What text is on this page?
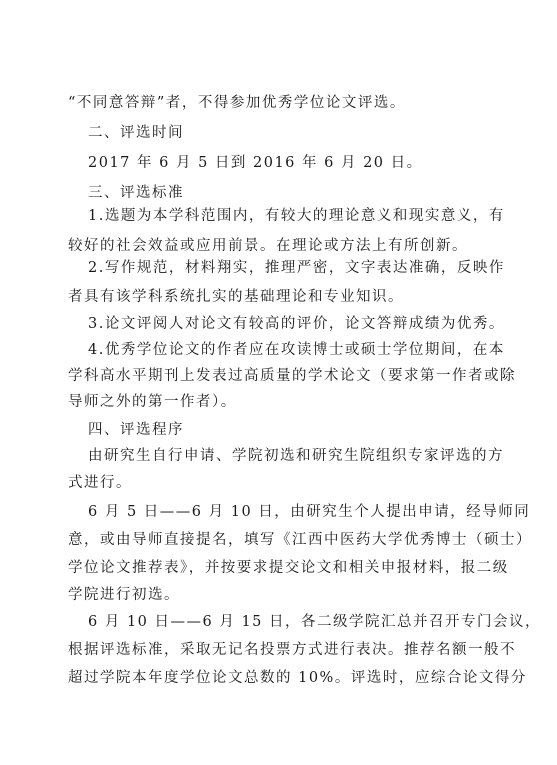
“不同意答辩”者，不得参加优秀学位论文评选。
二、评选时间
2017 年 6 月 5 日到 2016 年 6 月 20 日。
三、评选标准
1.选题为本学科范围内，有较大的理论意义和现实意义，有
较好的社会效益或应用前景。在理论或方法上有所创新。
2.写作规范，材料翔实，推理严密，文字表达准确，反映作
者具有该学科系统扎实的基础理论和专业知识。
3.论文评阅人对论文有较高的评价，论文答辩成绩为优秀。
4.优秀学位论文的作者应在攻读博士或硕士学位期间，在本
学科高水平期刊上发表过高质量的学术论文（要求第一作者或除
导师之外的第一作者）。
四、评选程序
由研究生自行申请、学院初选和研究生院组织专家评选的方
式进行。
6 月 5 日——6 月 10 日，由研究生个人提出申请，经导师同
意，或由导师直接提名，填写《江西中医药大学优秀博士（硕士）
学位论文推荐表》，并按要求提交论文和相关申报材料，报二级
学院进行初选。
6 月 10 日——6 月 15 日，各二级学院汇总并召开专门会议，
根据评选标准，采取无记名投票方式进行表决。推荐名额一般不
超过学院本年度学位论文总数的 10%。评选时，应综合论文得分
